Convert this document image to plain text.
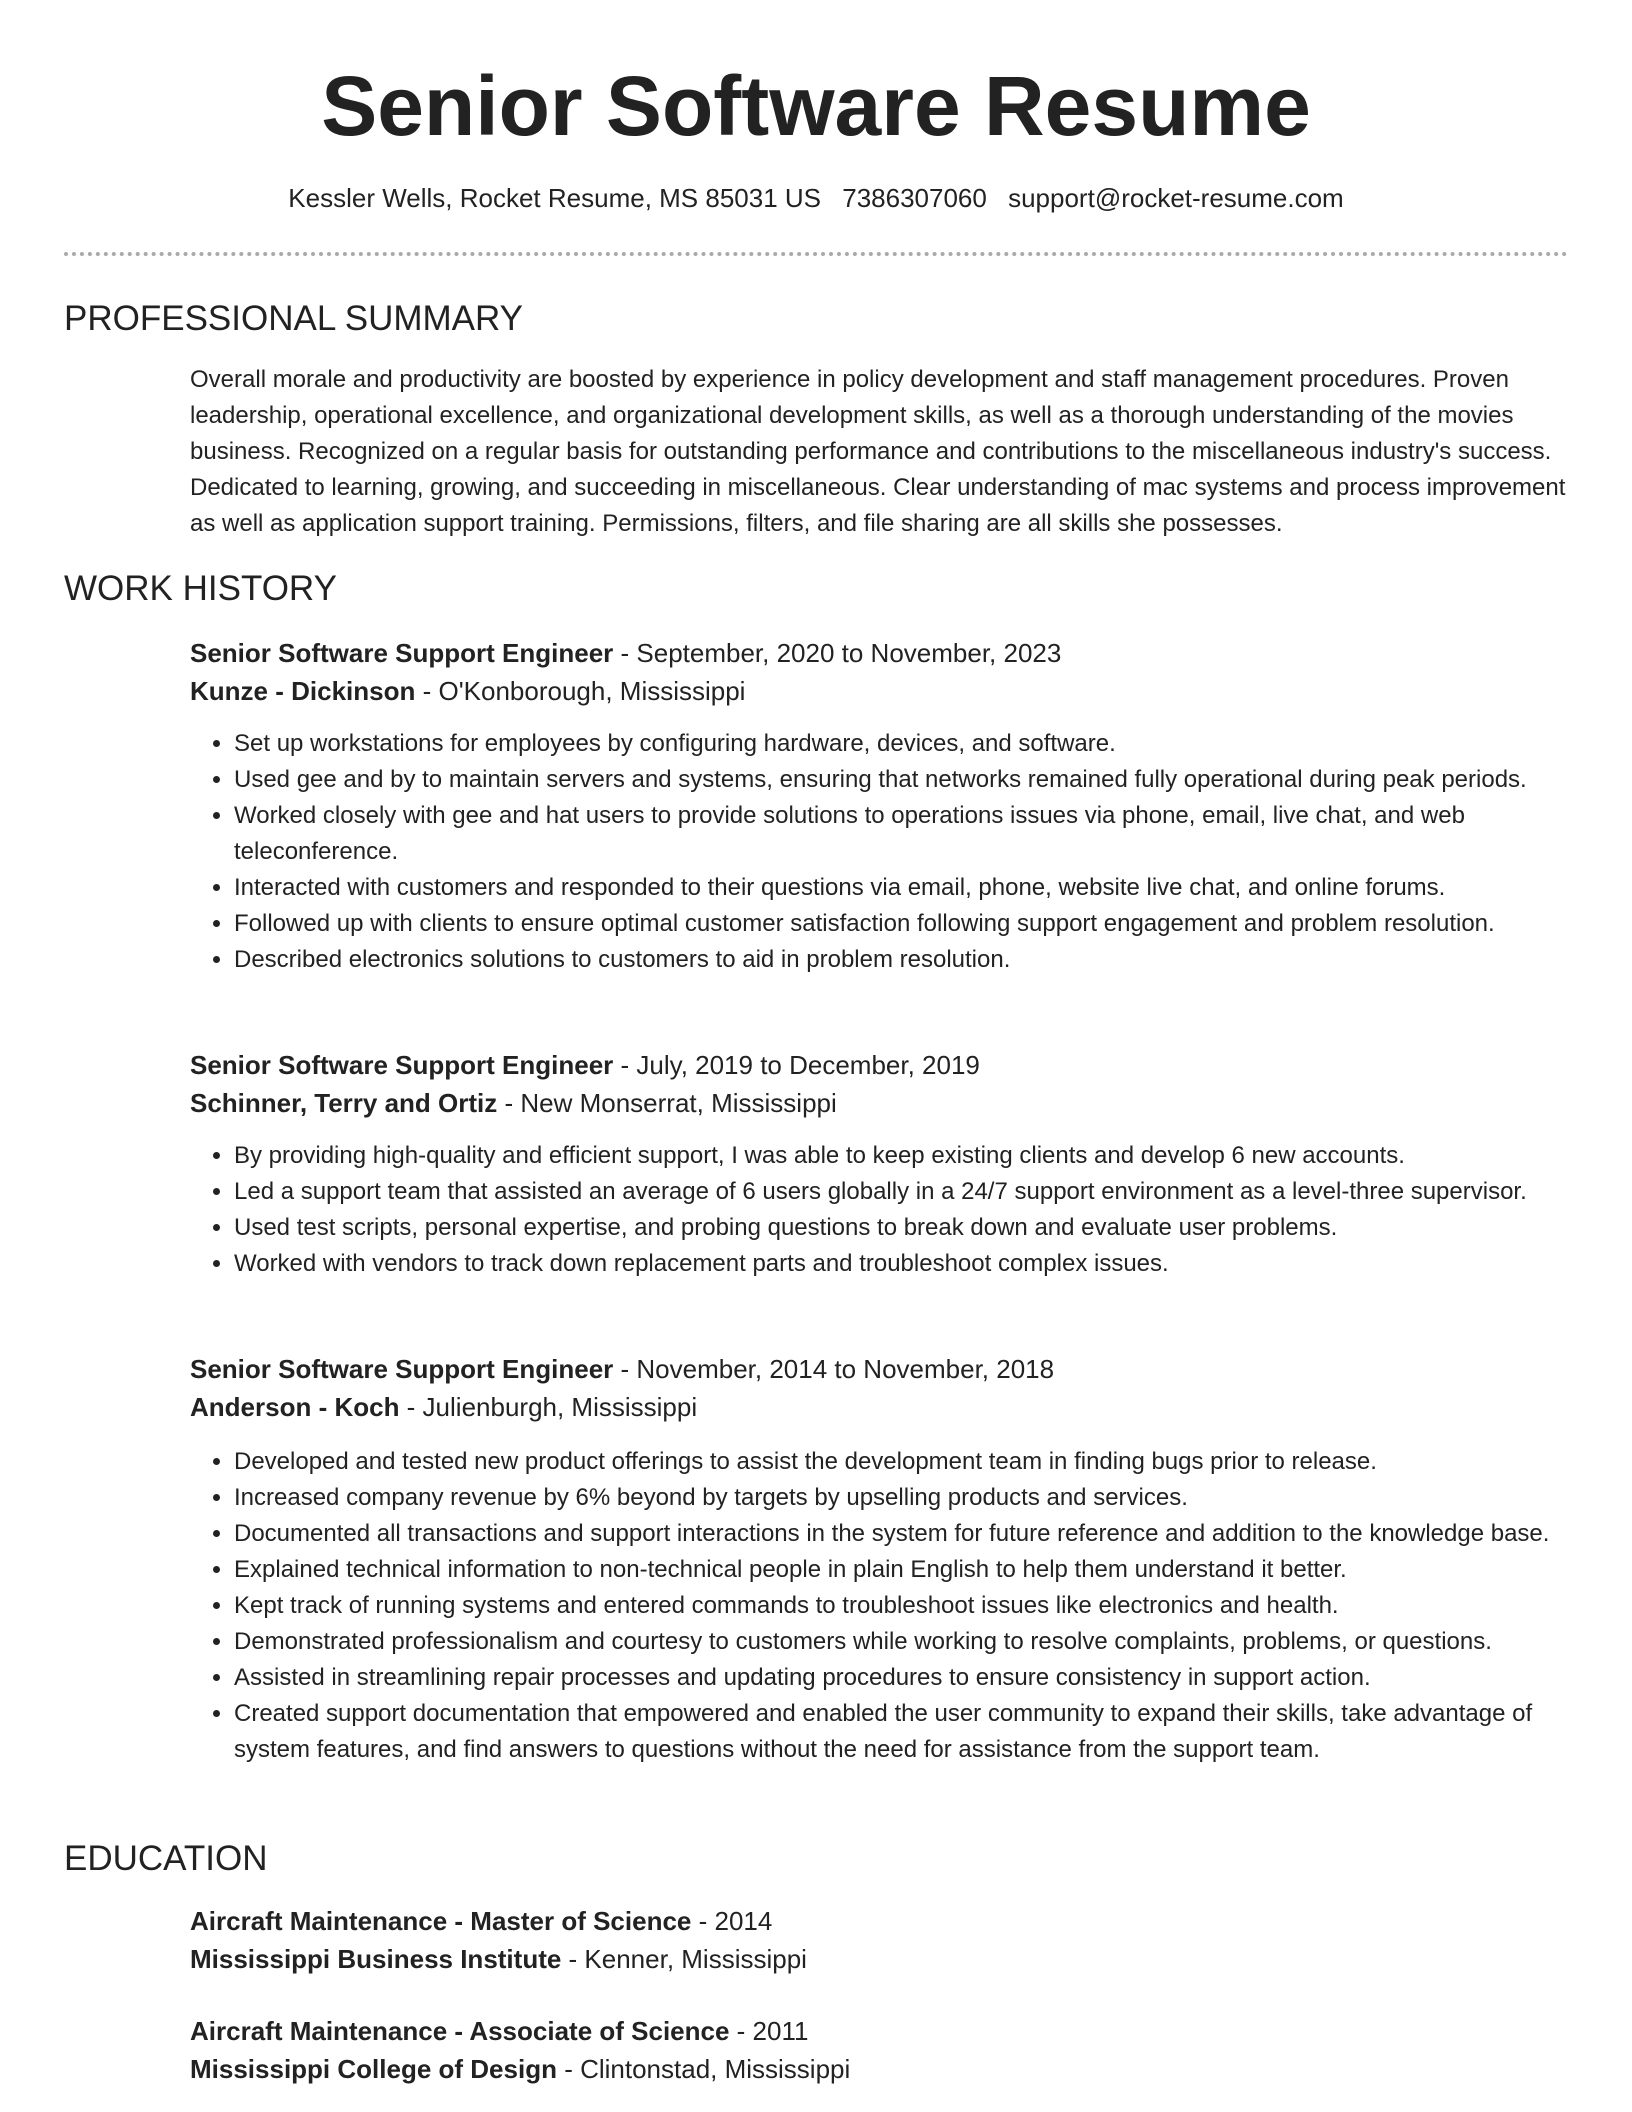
Senior Software Resume
Kessler Wells, Rocket Resume, MS 85031 US 7386307060 support@rocket-resume.com
PROFESSIONAL SUMMARY
Overall morale and productivity are boosted by experience in policy development and staff management procedures. Proven leadership, operational excellence, and organizational development skills, as well as a thorough understanding of the movies business. Recognized on a regular basis for outstanding performance and contributions to the miscellaneous industry's success. Dedicated to learning, growing, and succeeding in miscellaneous. Clear understanding of mac systems and process improvement as well as application support training. Permissions, filters, and file sharing are all skills she possesses.
WORK HISTORY
Senior Software Support Engineer - September, 2020 to November, 2023
Kunze - Dickinson - O'Konborough, Mississippi
• Set up workstations for employees by configuring hardware, devices, and software.
• Used gee and by to maintain servers and systems, ensuring that networks remained fully operational during peak periods.
• Worked closely with gee and hat users to provide solutions to operations issues via phone, email, live chat, and web teleconference.
• Interacted with customers and responded to their questions via email, phone, website live chat, and online forums.
• Followed up with clients to ensure optimal customer satisfaction following support engagement and problem resolution.
• Described electronics solutions to customers to aid in problem resolution.
Senior Software Support Engineer - July, 2019 to December, 2019
Schinner, Terry and Ortiz - New Monserrat, Mississippi
• By providing high-quality and efficient support, I was able to keep existing clients and develop 6 new accounts.
• Led a support team that assisted an average of 6 users globally in a 24/7 support environment as a level-three supervisor.
• Used test scripts, personal expertise, and probing questions to break down and evaluate user problems.
• Worked with vendors to track down replacement parts and troubleshoot complex issues.
Senior Software Support Engineer - November, 2014 to November, 2018
Anderson - Koch - Julienburgh, Mississippi
• Developed and tested new product offerings to assist the development team in finding bugs prior to release.
• Increased company revenue by 6% beyond by targets by upselling products and services.
• Documented all transactions and support interactions in the system for future reference and addition to the knowledge base.
• Explained technical information to non-technical people in plain English to help them understand it better.
• Kept track of running systems and entered commands to troubleshoot issues like electronics and health.
• Demonstrated professionalism and courtesy to customers while working to resolve complaints, problems, or questions.
• Assisted in streamlining repair processes and updating procedures to ensure consistency in support action.
• Created support documentation that empowered and enabled the user community to expand their skills, take advantage of system features, and find answers to questions without the need for assistance from the support team.
EDUCATION
Aircraft Maintenance - Master of Science - 2014
Mississippi Business Institute - Kenner, Mississippi
Aircraft Maintenance - Associate of Science - 2011
Mississippi College of Design - Clintonstad, Mississippi
